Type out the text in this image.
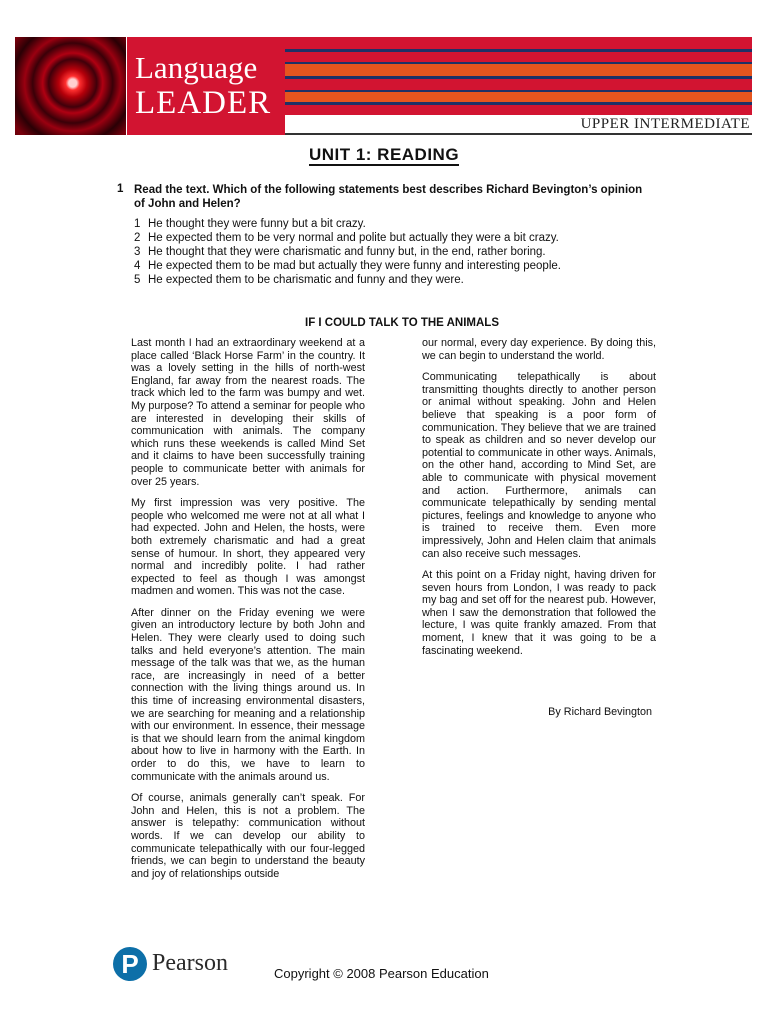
Language
LEADER
UPPER INTERMEDIATE
UNIT 1: READING
1 Read the text. Which of the following statements best describes Richard Bevington’s opinion of John and Helen?
1 He thought they were funny but a bit crazy.
2 He expected them to be very normal and polite but actually they were a bit crazy.
3 He thought that they were charismatic and funny but, in the end, rather boring.
4 He expected them to be mad but actually they were funny and interesting people.
5 He expected them to be charismatic and funny and they were.
IF I COULD TALK TO THE ANIMALS

Last month I had an extraordinary weekend at a place called ‘Black Horse Farm’ in the country. It was a lovely setting in the hills of north-west England, far away from the nearest roads. The track which led to the farm was bumpy and wet. My purpose? To attend a seminar for people who are interested in developing their skills of communication with animals. The company which runs these weekends is called Mind Set and it claims to have been successfully training people to communicate better with animals for over 25 years.

My first impression was very positive. The people who welcomed me were not at all what I had expected. John and Helen, the hosts, were both extremely charismatic and had a great sense of humour. In short, they appeared very normal and incredibly polite. I had rather expected to feel as though I was amongst madmen and women. This was not the case.

After dinner on the Friday evening we were given an introductory lecture by both John and Helen. They were clearly used to doing such talks and held everyone’s attention. The main message of the talk was that we, as the human race, are increasingly in need of a better connection with the living things around us. In this time of increasing environmental disasters, we are searching for meaning and a relationship with our environment. In essence, their message is that we should learn from the animal kingdom about how to live in harmony with the Earth. In order to do this, we have to learn to communicate with the animals around us.

Of course, animals generally can’t speak. For John and Helen, this is not a problem. The answer is telepathy: communication without words. If we can develop our ability to communicate telepathically with our four-legged friends, we can begin to understand the beauty and joy of relationships outside

our normal, every day experience. By doing this, we can begin to understand the world.

Communicating telepathically is about transmitting thoughts directly to another person or animal without speaking. John and Helen believe that speaking is a poor form of communication. They believe that we are trained to speak as children and so never develop our potential to communicate in other ways. Animals, on the other hand, according to Mind Set, are able to communicate with physical movement and action. Furthermore, animals can communicate telepathically by sending mental pictures, feelings and knowledge to anyone who is trained to receive them. Even more impressively, John and Helen claim that animals can also receive such messages.

At this point on a Friday night, having driven for seven hours from London, I was ready to pack my bag and set off for the nearest pub. However, when I saw the demonstration that followed the lecture, I was quite frankly amazed. From that moment, I knew that it was going to be a fascinating weekend.

By Richard Bevington
P Pearson	Copyright © 2008 Pearson Education
